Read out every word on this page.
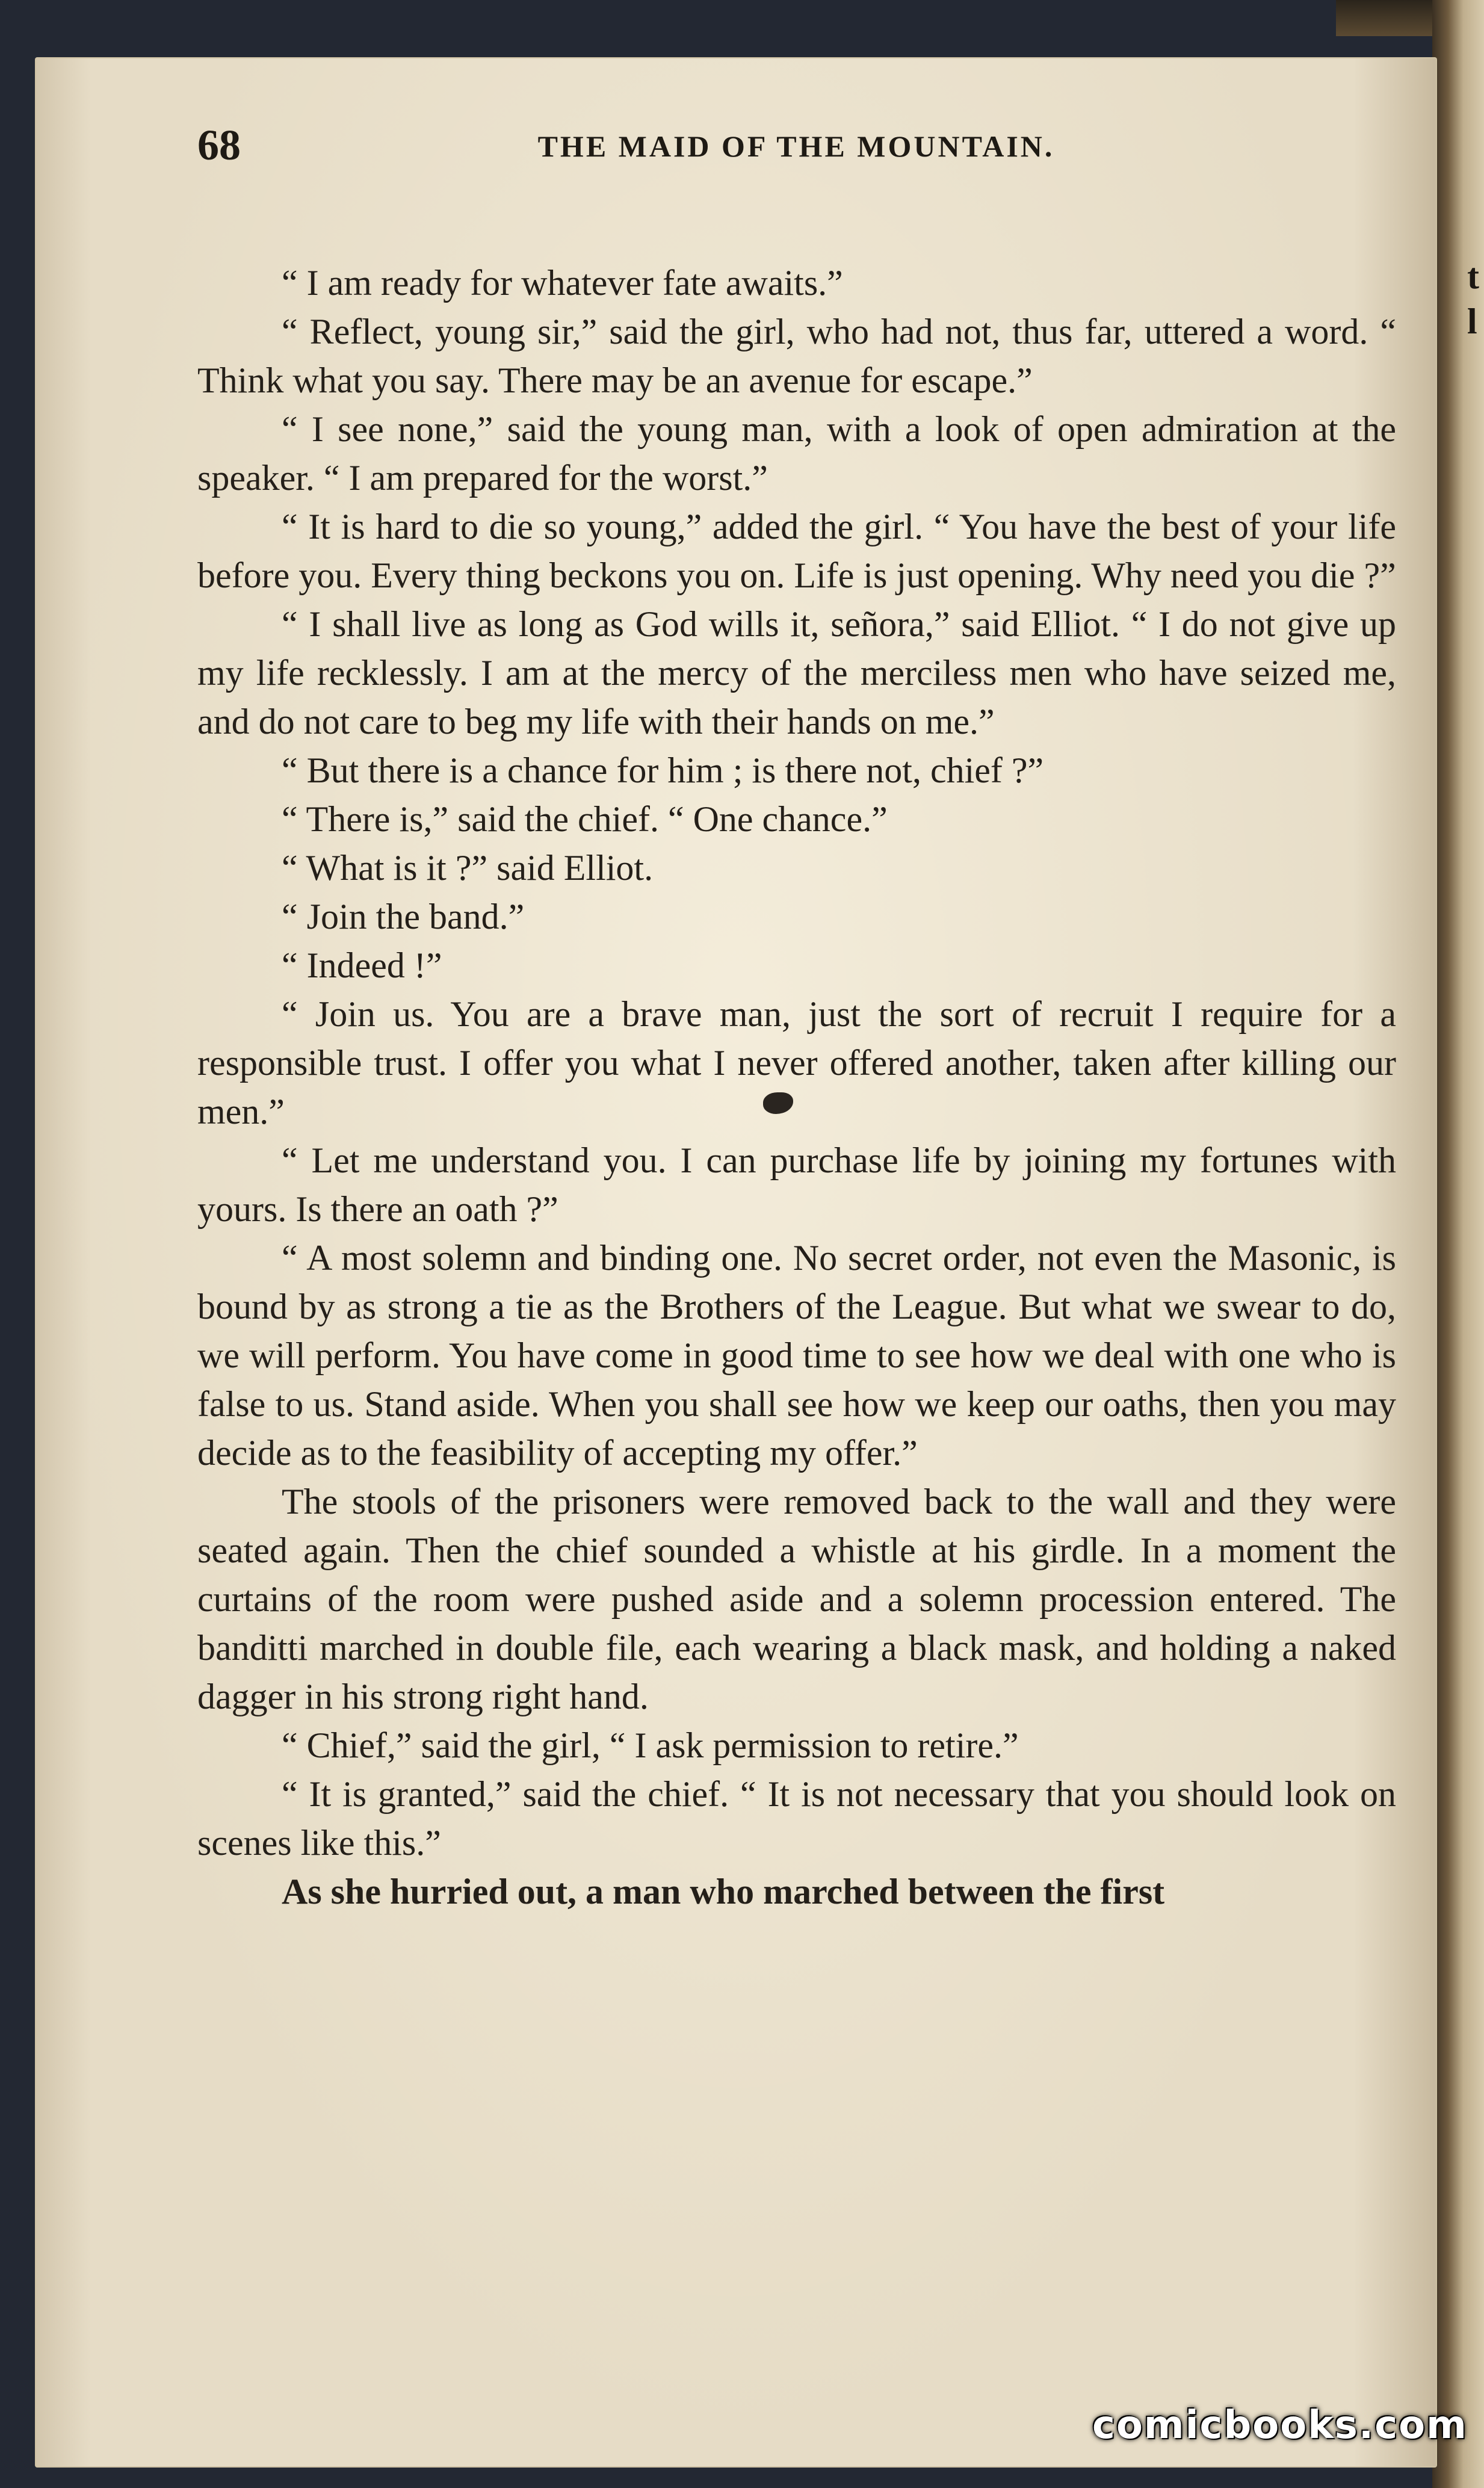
t
l
68	THE MAID OF THE MOUNTAIN.

“ I am ready for whatever fate awaits.”

“ Reflect, young sir,” said the girl, who had not, thus far, uttered a word. “ Think what you say. There may be an avenue for escape.”

“ I see none,” said the young man, with a look of open admiration at the speaker. “ I am prepared for the worst.”

“ It is hard to die so young,” added the girl. “ You have the best of your life before you. Every thing beckons you on. Life is just opening. Why need you die ?”

“ I shall live as long as God wills it, señora,” said Elliot. “ I do not give up my life recklessly. I am at the mercy of the merciless men who have seized me, and do not care to beg my life with their hands on me.”

“ But there is a chance for him ; is there not, chief ?”

“ There is,” said the chief. “ One chance.”

“ What is it ?” said Elliot.

“ Join the band.”

“ Indeed !”

“ Join us. You are a brave man, just the sort of recruit I require for a responsible trust. I offer you what I never offered another, taken after killing our men.”

“ Let me understand you. I can purchase life by joining my fortunes with yours. Is there an oath ?”

“ A most solemn and binding one. No secret order, not even the Masonic, is bound by as strong a tie as the Brothers of the League. But what we swear to do, we will perform. You have come in good time to see how we deal with one who is false to us. Stand aside. When you shall see how we keep our oaths, then you may decide as to the feasibility of accepting my offer.”

The stools of the prisoners were removed back to the wall and they were seated again. Then the chief sounded a whistle at his girdle. In a moment the curtains of the room were pushed aside and a solemn procession entered. The banditti marched in double file, each wearing a black mask, and holding a naked dagger in his strong right hand.

“ Chief,” said the girl, “ I ask permission to retire.”

“ It is granted,” said the chief. “ It is not necessary that you should look on scenes like this.”

As she hurried out, a man who marched between the first

comicbooks.com
